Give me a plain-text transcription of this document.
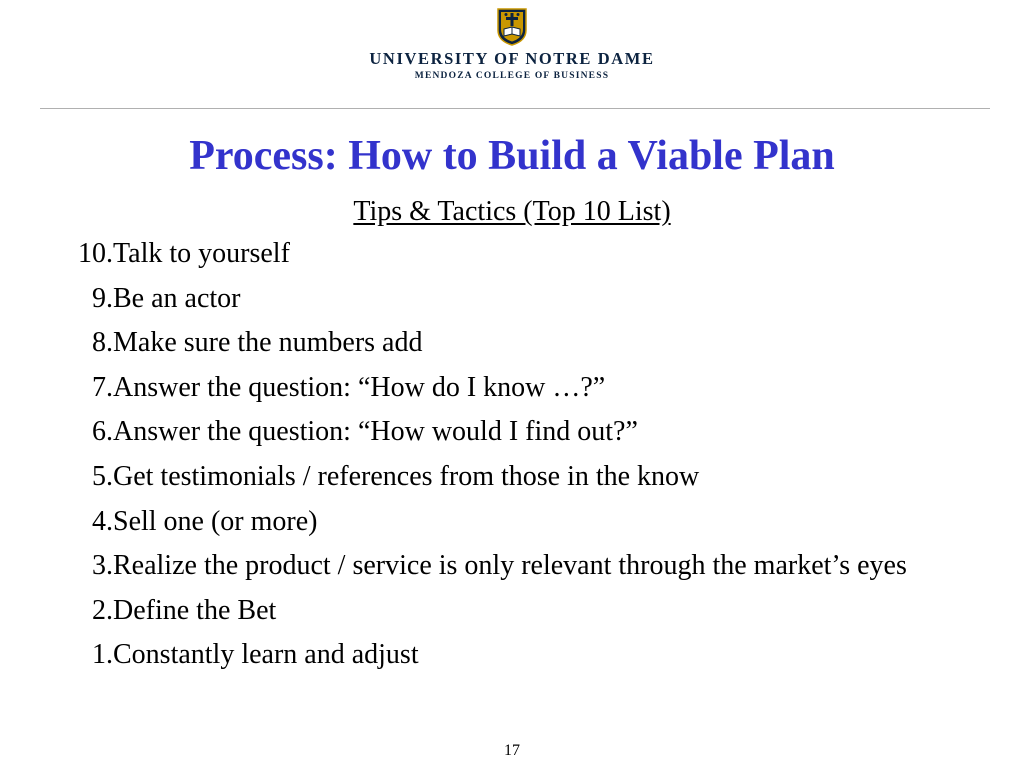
UNIVERSITY OF NOTRE DAME
MENDOZA COLLEGE OF BUSINESS
Process: How to Build a Viable Plan
Tips & Tactics (Top 10 List)
10. Talk to yourself
9. Be an actor
8. Make sure the numbers add
7. Answer the question: “How do I know …?”
6. Answer the question: “How would I find out?”
5. Get testimonials / references from those in the know
4. Sell one (or more)
3. Realize the product / service is only relevant through the market’s eyes
2. Define the Bet
1. Constantly learn and adjust
17
